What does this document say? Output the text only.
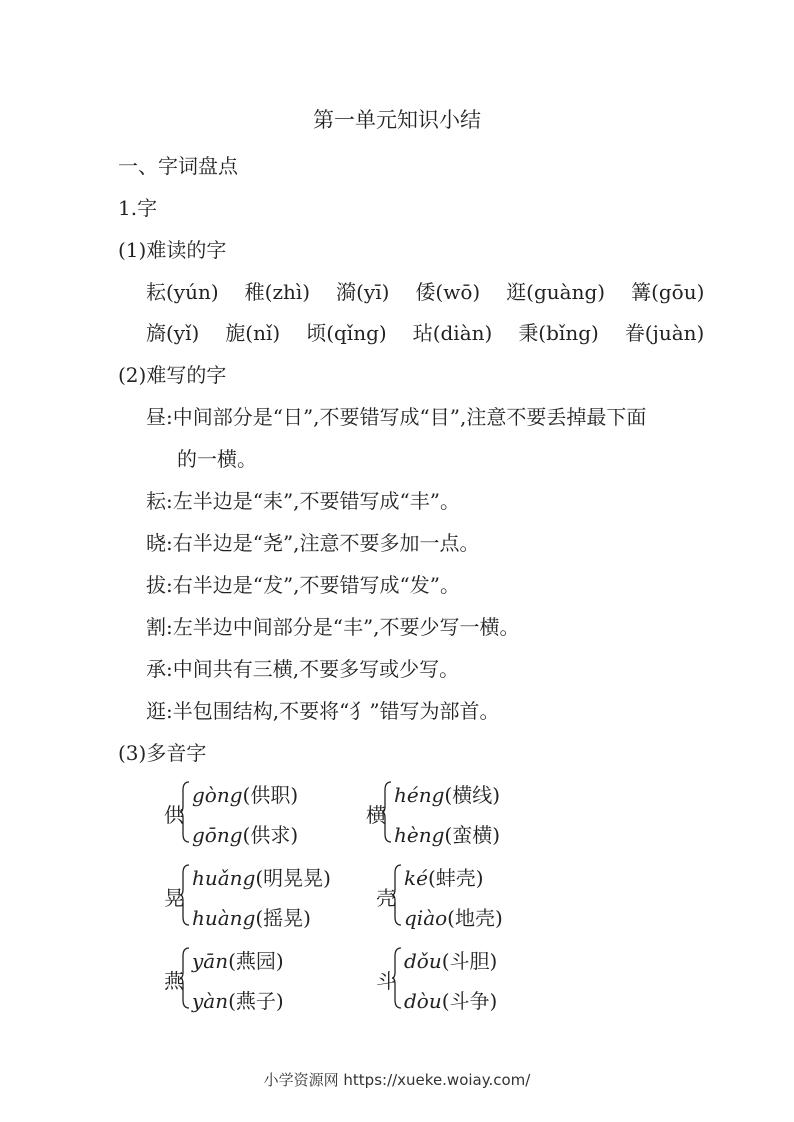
第一单元知识小结
一、字词盘点
1.字
(1)难读的字
耘(yún) 稚(zhì) 漪(yī) 倭(wō) 逛(guàng) 篝(gōu)
旖(yǐ) 旎(nǐ) 顷(qǐng) 玷(diàn) 秉(bǐng) 眷(juàn)
(2)难写的字
昼:中间部分是“日”,不要错写成“目”,注意不要丢掉最下面
的一横。
耘:左半边是“耒”,不要错写成“丰”。
晓:右半边是“尧”,注意不要多加一点。
拔:右半边是“犮”,不要错写成“发”。
割:左半边中间部分是“丰”,不要少写一横。
承:中间共有三横,不要多写或少写。
逛:半包围结构,不要将“犭”错写为部首。
(3)多音字
供
gòng(供职)
gōng(供求)
横
héng(横线)
hèng(蛮横)
晃
huǎng(明晃晃)
huàng(摇晃)
壳
ké(蚌壳)
qiào(地壳)
燕
yān(燕园)
yàn(燕子)
斗
dǒu(斗胆)
dòu(斗争)
小学资源网 https://xueke.woiay.com/
